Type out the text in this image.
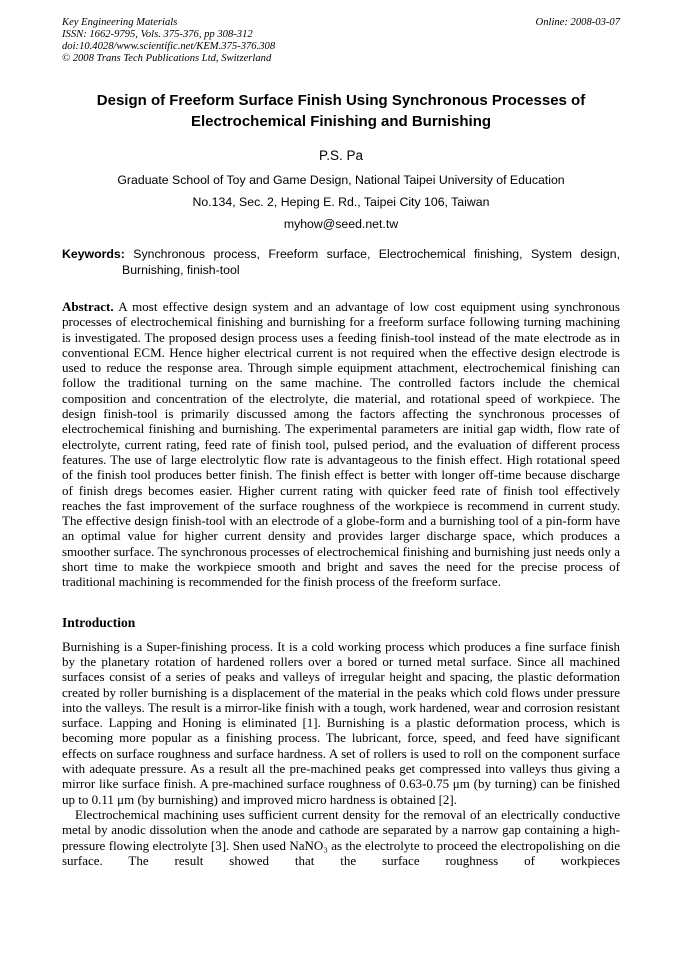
Key Engineering Materials
ISSN: 1662-9795, Vols. 375-376, pp 308-312
doi:10.4028/www.scientific.net/KEM.375-376.308
© 2008 Trans Tech Publications Ltd, Switzerland
Online: 2008-03-07
Design of Freeform Surface Finish Using Synchronous Processes of Electrochemical Finishing and Burnishing
P.S. Pa
Graduate School of Toy and Game Design, National Taipei University of Education
No.134, Sec. 2, Heping E. Rd., Taipei City 106, Taiwan
myhow@seed.net.tw

Keywords: Synchronous process, Freeform surface, Electrochemical finishing, System design, Burnishing, finish-tool

Abstract. A most effective design system and an advantage of low cost equipment using synchronous processes of electrochemical finishing and burnishing for a freeform surface following turning machining is investigated. The proposed design process uses a feeding finish-tool instead of the mate electrode as in conventional ECM. Hence higher electrical current is not required when the effective design electrode is used to reduce the response area. Through simple equipment attachment, electrochemical finishing can follow the traditional turning on the same machine. The controlled factors include the chemical composition and concentration of the electrolyte, die material, and rotational speed of workpiece. The design finish-tool is primarily discussed among the factors affecting the synchronous processes of electrochemical finishing and burnishing. The experimental parameters are initial gap width, flow rate of electrolyte, current rating, feed rate of finish tool, pulsed period, and the evaluation of different process features. The use of large electrolytic flow rate is advantageous to the finish effect. High rotational speed of the finish tool produces better finish. The finish effect is better with longer off-time because discharge of finish dregs becomes easier. Higher current rating with quicker feed rate of finish tool effectively reaches the fast improvement of the surface roughness of the workpiece is recommend in current study. The effective design finish-tool with an electrode of a globe-form and a burnishing tool of a pin-form have an optimal value for higher current density and provides larger discharge space, which produces a smoother surface. The synchronous processes of electrochemical finishing and burnishing just needs only a short time to make the workpiece smooth and bright and saves the need for the precise process of traditional machining is recommended for the finish process of the freeform surface.

Introduction

Burnishing is a Super-finishing process. It is a cold working process which produces a fine surface finish by the planetary rotation of hardened rollers over a bored or turned metal surface. Since all machined surfaces consist of a series of peaks and valleys of irregular height and spacing, the plastic deformation created by roller burnishing is a displacement of the material in the peaks which cold flows under pressure into the valleys. The result is a mirror-like finish with a tough, work hardened, wear and corrosion resistant surface. Lapping and Honing is eliminated [1]. Burnishing is a plastic deformation process, which is becoming more popular as a finishing process. The lubricant, force, speed, and feed have significant effects on surface roughness and surface hardness. A set of rollers is used to roll on the component surface with adequate pressure. As a result all the pre-machined peaks get compressed into valleys thus giving a mirror like surface finish. A pre-machined surface roughness of 0.63-0.75 μm (by turning) can be finished up to 0.11 μm (by burnishing) and improved micro hardness is obtained [2].

Electrochemical machining uses sufficient current density for the removal of an electrically conductive metal by anodic dissolution when the anode and cathode are separated by a narrow gap containing a high-pressure flowing electrolyte [3]. Shen used NaNO₃ as the electrolyte to proceed the electropolishing on die surface. The result showed that the surface roughness of workpieces
